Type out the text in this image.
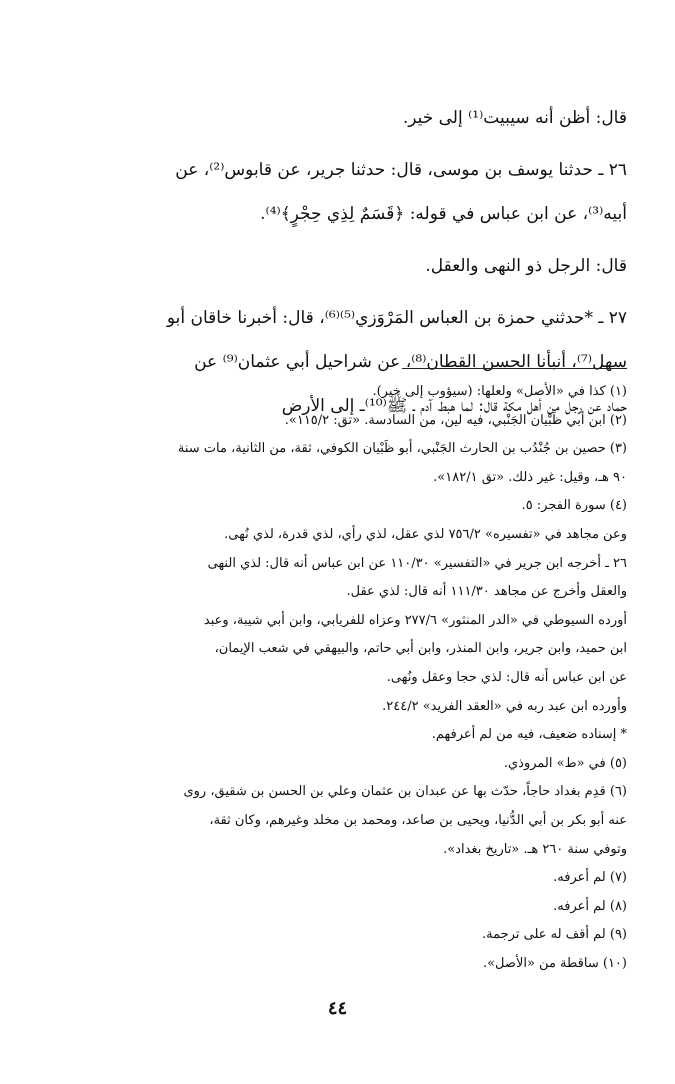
قال: أظن أنه سيبيت⁽¹⁾ إلى خير.

٢٦ ـ حدثنا يوسف بن موسى، قال: حدثنا جرير، عن قابوس⁽²⁾، عن

أبيه⁽³⁾، عن ابن عباس في قوله: ﴿قَسَمٌ لِذِي حِجْرٍ﴾⁽⁴⁾.

قال: الرجل ذو النهى والعقل.

٢٧ ـ *حدثني حمزة بن العباس المَرْوَزي⁽⁵⁾⁽⁶⁾، قال: أخبرنا خاقان أبو

سهل⁽⁷⁾، أنبأنا الحسن القطان⁽⁸⁾، عن شراحيل أبي عثمان⁽⁹⁾ عن

حماد عن رجل من أهل مكة قال: لما هبط آدم ـ ﷺ⁽¹⁰⁾ـ إلى الأرض

(١) كذا في «الأصل» ولعلها: (سيؤوب إلى خير).

(٢) ابن أبي ظَبْيان الجَنْبي، فيه لين، من السادسة. «تق: ١١٥/٢».

(٣) حصين بن جُنْدُب بن الحارث الجَنْبي، أبو ظَبْيان الكوفي، ثقة، من الثانية، مات سنة

٩٠ هـ، وقيل: غير ذلك. «تق ١٨٢/١».

(٤) سورة الفجر: ٥.

وعن مجاهد في «تفسيره» ٧٥٦/٢ لذي عقل، لذي رأي، لذي قدرة، لذي نُهى.

٢٦ ـ أخرجه ابن جرير في «التفسير» ١١٠/٣٠ عن ابن عباس أنه قال: لذي النهى

والعقل وأخرج عن مجاهد ١١١/٣٠ أنه قال: لذي عقل.

أورده السيوطي في «الدر المنثور» ٢٧٧/٦ وعزاه للفريابي، وابن أبي شيبة، وعبد

ابن حميد، وابن جرير، وابن المنذر، وابن أبي حاتم، والبيهقي في شعب الإيمان،

عن ابن عباس أنه قال: لذي حجا وعقل ونُهى.

وأورده ابن عبد ربه في «العقد الفريد» ٢٤٤/٢.

* إسناده ضعيف، فيه من لم أعرفهم.

(٥) في «ط» المروذي.

(٦) قدِم بغداد حاجاً، حدّث بها عن عبدان بن عثمان وعلي بن الحسن بن شقيق، روى

عنه أبو بكر بن أبي الدُّنيا، ويحيى بن صاعد، ومحمد بن مخلد وغيرهم، وكان ثقة،

وتوفي سنة ٢٦٠ هـ. «تاريخ بغداد».

(٧) لم أعرفه.

(٨) لم أعرفه.

(٩) لم أقف له على ترجمة.

(١٠) ساقطة من «الأصل».

٤٤
